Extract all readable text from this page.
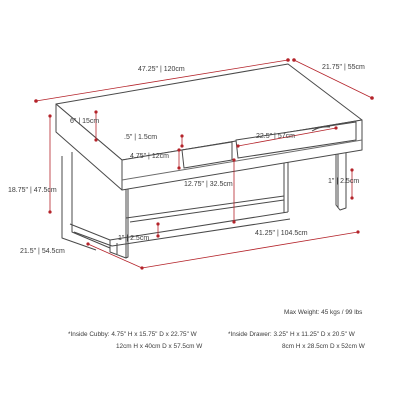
47.25" | 120cm	21.75" | 55cm
6" | 15cm
.5" | 1.5cm	22.5" | 57cm
4.75" | 12cm
12.75" | 32.5cm	1" | 2.5cm
18.75" | 47.5cm
1" | 2.5cm
21.5" | 54.5cm
41.25" | 104.5cm
Max Weight: 45 kgs / 99 lbs
*Inside Cubby: 4.75" H x 15.75" D x 22.75" W
12cm H x 40cm D x 57.5cm W
*Inside Drawer: 3.25" H x 11.25" D x 20.5" W
8cm H x 28.5cm D x 52cm W
